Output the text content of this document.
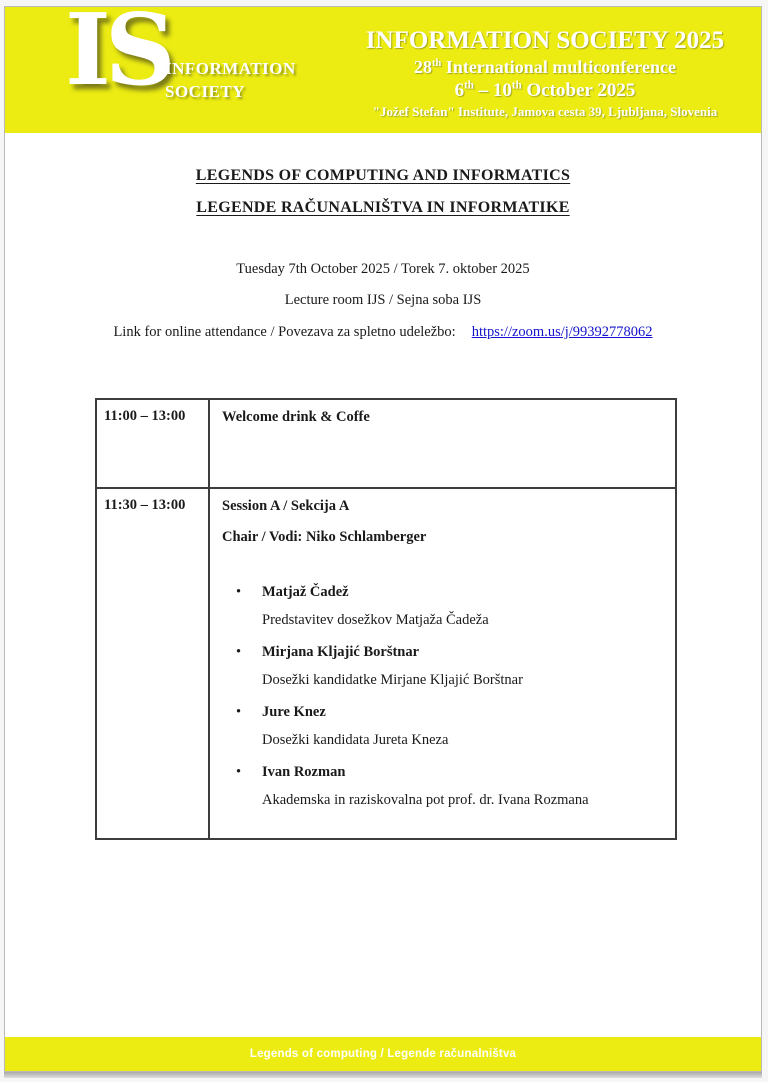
IS
INFORMATION
SOCIETY
INFORMATION SOCIETY 2025
28th International multiconference
6th – 10th October 2025
"Jožef Stefan" Institute, Jamova cesta 39, Ljubljana, Slovenia
LEGENDS OF COMPUTING AND INFORMATICS
LEGENDE RAČUNALNIŠTVA IN INFORMATIKE
Tuesday 7th October 2025 / Torek 7. oktober 2025
Lecture room IJS / Sejna soba IJS
Link for online attendance / Povezava za spletno udeležbo: https://zoom.us/j/99392778062
11:00 – 13:00	Welcome drink & Coffe
11:30 – 13:00	Session A / Sekcija A
Chair / Vodi: Niko Schlamberger
•	Matjaž Čadež
Predstavitev dosežkov Matjaža Čadeža
•	Mirjana Kljajić Borštnar
Dosežki kandidatke Mirjane Kljajić Borštnar
•	Jure Knez
Dosežki kandidata Jureta Kneza
•	Ivan Rozman
Akademska in raziskovalna pot prof. dr. Ivana Rozmana
Legends of computing / Legende računalništva
